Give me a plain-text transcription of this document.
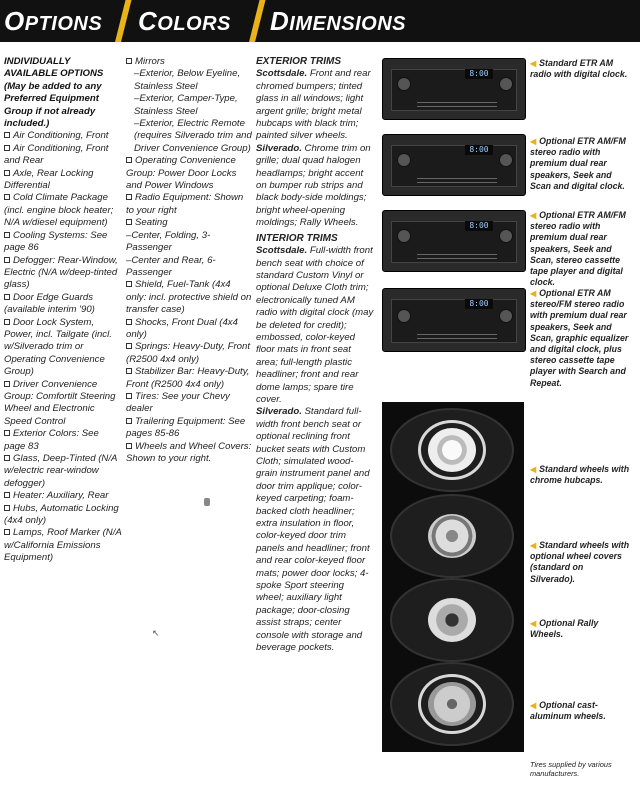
OPTIONS COLORS DIMENSIONS

INDIVIDUALLY AVAILABLE OPTIONS

(May be added to any Preferred Equipment Group if not already included.)

Air Conditioning, Front

Air Conditioning, Front and Rear

Axle, Rear Locking Differential

Cold Climate Package (incl. engine block heater; N/A w/diesel equipment)

Cooling Systems: See page 86

Defogger: Rear-Window, Electric (N/A w/deep-tinted glass)

Door Edge Guards (available interim '90)

Door Lock System, Power, incl. Tailgate (incl. w/Silverado trim or Operating Convenience Group)

Driver Convenience Group: Comfortilt Steering Wheel and Electronic Speed Control

Exterior Colors: See page 83

Glass, Deep-Tinted (N/A w/electric rear-window defogger)

Heater: Auxiliary, Rear

Hubs, Automatic Locking (4x4 only)

Lamps, Roof Marker (N/A w/California Emissions Equipment)

Mirrors

–Exterior, Below Eyeline, Stainless Steel

–Exterior, Camper-Type, Stainless Steel

–Exterior, Electric Remote (requires Silverado trim and Driver Convenience Group)

Operating Convenience Group: Power Door Locks and Power Windows

Radio Equipment: Shown to your right

Seating

–Center, Folding, 3-Passenger

–Center and Rear, 6-Passenger

Shield, Fuel-Tank (4x4 only: incl. protective shield on transfer case)

Shocks, Front Dual (4x4 only)

Springs: Heavy-Duty, Front (R2500 4x4 only)

Stabilizer Bar: Heavy-Duty, Front (R2500 4x4 only)

Tires: See your Chevy dealer

Trailering Equipment: See pages 85-86

Wheels and Wheel Covers: Shown to your right.

EXTERIOR TRIMS

Scottsdale. Front and rear chromed bumpers; tinted glass in all windows; light argent grille; bright metal hubcaps with black trim; painted silver wheels.

Silverado. Chrome trim on grille; dual quad halogen headlamps; bright accent on bumper rub strips and black body-side moldings; bright wheel-opening moldings; Rally Wheels.

INTERIOR TRIMS

Scottsdale. Full-width front bench seat with choice of standard Custom Vinyl or optional Deluxe Cloth trim; electronically tuned AM radio with digital clock (may be deleted for credit); embossed, color-keyed floor mats in front seat area; full-length plastic headliner; front and rear dome lamps; spare tire cover.

Silverado. Standard full-width front bench seat or optional reclining front bucket seats with Custom Cloth; simulated wood-grain instrument panel and door trim applique; color-keyed carpeting; foam-backed cloth headliner; extra insulation in floor, color-keyed door trim panels and headliner; front and rear color-keyed floor mats; power door locks; 4-spoke Sport steering wheel; auxiliary light package; door-closing assist straps; center console with storage and beverage pockets.

8:00
8:00
8:00
8:00
◀ Standard ETR AM radio with digital clock.
◀ Optional ETR AM/FM stereo radio with premium dual rear speakers, Seek and Scan and digital clock.
◀ Optional ETR AM/FM stereo radio with premium dual rear speakers, Seek and Scan, stereo cassette tape player and digital clock.
◀ Optional ETR AM stereo/FM stereo radio with premium dual rear speakers, Seek and Scan, graphic equalizer and digital clock, plus stereo cassette tape player with Search and Repeat.
◀ Standard wheels with chrome hubcaps.
◀ Standard wheels with optional wheel covers (standard on Silverado).
◀ Optional Rally Wheels.
◀ Optional cast-aluminum wheels.
Tires supplied by various manufacturers.
↖
